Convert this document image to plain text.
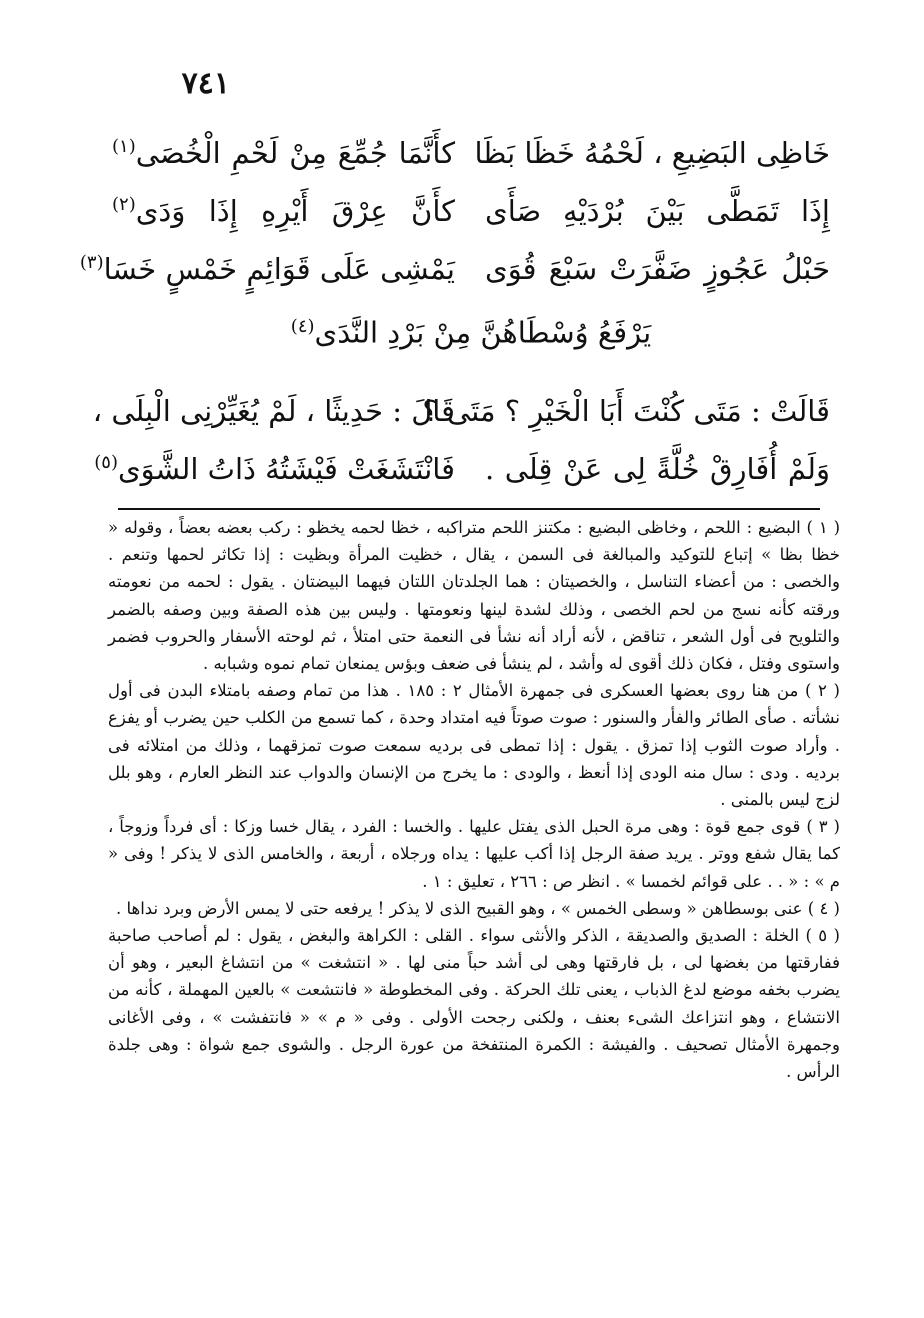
٧٤١
خَاظِى البَضِيعِ ، لَحْمُهُ خَظَا بَظَا
كأَنَّمَا جُمِّعَ مِنْ لَحْمِ الْخُصَى$^{(١)}$
إِذَا تَمَطَّى بَيْنَ بُرْدَيْهِ صَأَى
كأَنَّ عِرْقَ أَيْرِهِ إِذَا وَدَى$^{(٢)}$
حَبْلُ عَجُوزٍ ضَفَّرَتْ سَبْعَ قُوَى
يَمْشِى عَلَى قَوَائِمٍ خَمْسٍ خَسَا$^{(٣)}$
يَرْفَعُ وُسْطَاهُنَّ مِنْ بَرْدِ النَّدَى$^{(٤)}$
قَالَتْ : مَتَى كُنْتَ أَبَا الْخَيْرِ ؟ مَتَى ؟
قَالَ : حَدِيثًا ، لَمْ يُغَيِّرْنِى الْبِلَى ،
وَلَمْ أُفَارِقْ خُلَّةً لِى عَنْ قِلَى .
فَانْتَشَغَتْ فَيْشَتُهُ ذَاتُ الشَّوَى$^{(٥)}$

( ١ ) البضيع : اللحم ، وخاظى البضيع : مكتنز اللحم متراكبه ، خظا لحمه يخظو : ركب بعضه بعضاً ، وقوله « خظا بظا » إتباع للتوكيد والمبالغة فى السمن ، يقال ، خظيت المرأة وبظيت : إذا تكاثر لحمها وتنعم . والخصى : من أعضاء التناسل ، والخصيتان : هما الجلدتان اللتان فيهما البيضتان . يقول : لحمه من نعومته ورقته كأنه نسج من لحم الخصى ، وذلك لشدة لينها ونعومتها . وليس بين هذه الصفة وبين وصفه بالضمر والتلويح فى أول الشعر ، تناقض ، لأنه أراد أنه نشأ فى النعمة حتى امتلأ ، ثم لوحته الأسفار والحروب فضمر واستوى وفتل ، فكان ذلك أقوى له وأشد ، لم ينشأ فى ضعف وبؤس يمنعان تمام نموه وشبابه .

( ٢ ) من هنا روى بعضها العسكرى فى جمهرة الأمثال ٢ : ١٨٥ . هذا من تمام وصفه بامتلاء البدن فى أول نشأته . صأى الطائر والفأر والسنور : صوت صوتاً فيه امتداد وحدة ، كما تسمع من الكلب حين يضرب أو يفزع . وأراد صوت الثوب إذا تمزق . يقول : إذا تمطى فى برديه سمعت صوت تمزقهما ، وذلك من امتلائه فى برديه . ودى : سال منه الودى إذا أنعظ ، والودى : ما يخرج من الإنسان والدواب عند النظر العارم ، وهو بلل لزج ليس بالمنى .

( ٣ ) قوى جمع قوة : وهى مرة الحبل الذى يفتل عليها . والخسا : الفرد ، يقال خسا وزكا : أى فرداً وزوجاً ، كما يقال شفع ووتر . يريد صفة الرجل إذا أكب عليها : يداه ورجلاه ، أربعة ، والخامس الذى لا يذكر ! وفى « م » : « . . على قوائم لخمسا » . انظر ص : ٢٦٦ ، تعليق : ١ .

( ٤ ) عنى بوسطاهن « وسطى الخمس » ، وهو القبيح الذى لا يذكر ! يرفعه حتى لا يمس الأرض وبرد نداها .

( ٥ ) الخلة : الصديق والصديقة ، الذكر والأنثى سواء . القلى : الكراهة والبغض ، يقول : لم أصاحب صاحبة ففارقتها من بغضها لى ، بل فارقتها وهى لى أشد حباً منى لها . « انتشغت » من انتشاغ البعير ، وهو أن يضرب بخفه موضع لدغ الذباب ، يعنى تلك الحركة . وفى المخطوطة « فانتشعت » بالعين المهملة ، كأنه من الانتشاع ، وهو انتزاعك الشىء بعنف ، ولكنى رجحت الأولى . وفى « م » « فانتفشت » ، وفى الأغانى وجمهرة الأمثال تصحيف . والفيشة : الكمرة المنتفخة من عورة الرجل . والشوى جمع شواة : وهى جلدة الرأس .
